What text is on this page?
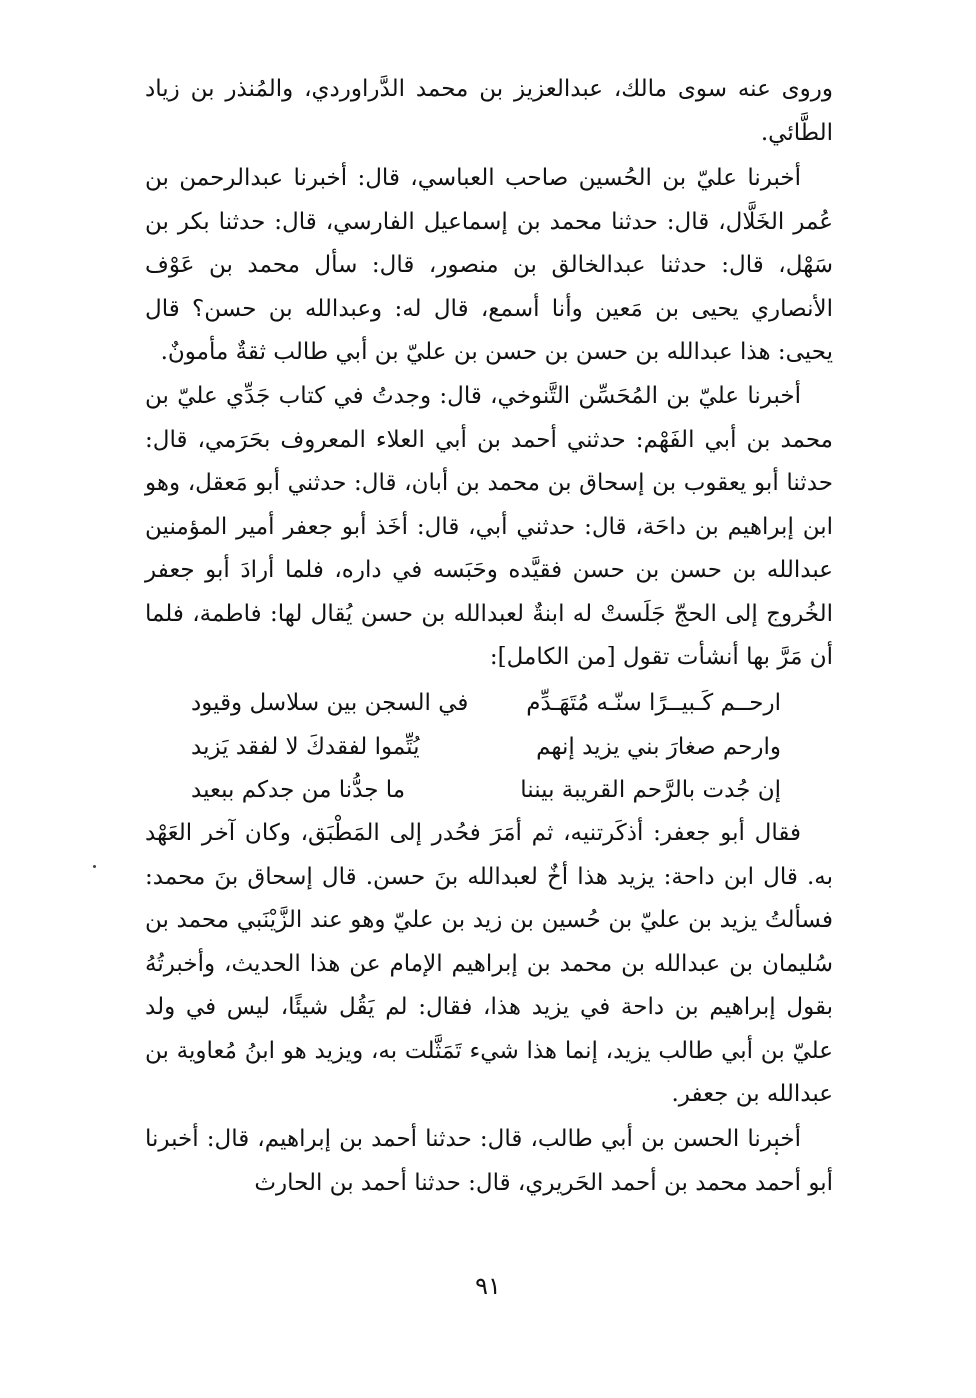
وروى عنه سوى مالك، عبدالعزيز بن محمد الدَّراوردي، والمُنذر بن زياد الطَّائي.

أخبرنا عليّ بن الحُسين صاحب العباسي، قال: أخبرنا عبدالرحمن بن عُمر الخَلَّال، قال: حدثنا محمد بن إسماعيل الفارسي، قال: حدثنا بكر بن سَهْل، قال: حدثنا عبدالخالق بن منصور، قال: سأل محمد بن عَوْف الأنصاري يحيى بن مَعين وأنا أسمع، قال له: وعبدالله بن حسن؟ قال يحيى: هذا عبدالله بن حسن بن حسن بن عليّ بن أبي طالب ثقةٌ مأمونٌ.

أخبرنا عليّ بن المُحَسِّن التَّنوخي، قال: وجدتُ في كتاب جَدِّي عليّ بن محمد بن أبي الفَهْم: حدثني أحمد بن أبي العلاء المعروف بحَرَمي، قال: حدثنا أبو يعقوب بن إسحاق بن محمد بن أبان، قال: حدثني أبو مَعقل، وهو ابن إبراهيم بن داحَة، قال: حدثني أبي، قال: أخَذ أبو جعفر أمير المؤمنين عبدالله بن حسن بن حسن فقيَّده وحَبَسه في داره، فلما أرادَ أبو جعفر الخُروج إلى الحجّ جَلَستْ له ابنةٌ لعبدالله بن حسن يُقال لها: فاطمة، فلما أن مَرَّ بها أنشأت تقول [من الكامل]:

ارحــم كَـبيــرًا سنّـه مُتَهَـدِّم
في السجن بين سلاسل وقيود
وارحم صغارَ بني يزيد إنهم
يُتِّموا لفقدكَ لا لفقد يَزيد
إن جُدت بالرَّحم القريبة بيننا
ما جدُّنا من جدكم ببعيد

فقال أبو جعفر: أذكَرتنيه، ثم أمَرَ فحُدر إلى المَطْبَق، وكان آخر العَهْد به. قال ابن داحة: يزيد هذا أخٌ لعبدالله بنَ حسن. قال إسحاق بنَ محمد: فسألتُ يزيد بن عليّ بن حُسين بن زيد بن عليّ وهو عند الزَّيْنَبي محمد بن سُليمان بن عبدالله بن محمد بن إبراهيم الإمام عن هذا الحديث، وأخبرتُهُ بقول إبراهيم بن داحة في يزيد هذا، فقال: لم يَقُل شيئًا، ليس في ولد عليّ بن أبي طالب يزيد، إنما هذا شيء تَمَثَّلت به، ويزيد هو ابنُ مُعاوية بن عبدالله بن جعفر.

أخبرنا الحسن بن أبي طالب، قال: حدثنا أحمد بن إبراهيم، قال: أخبرنا أبو أحمد محمد بن أحمد الحَريري، قال: حدثنا أحمد بن الحارث

٩١
